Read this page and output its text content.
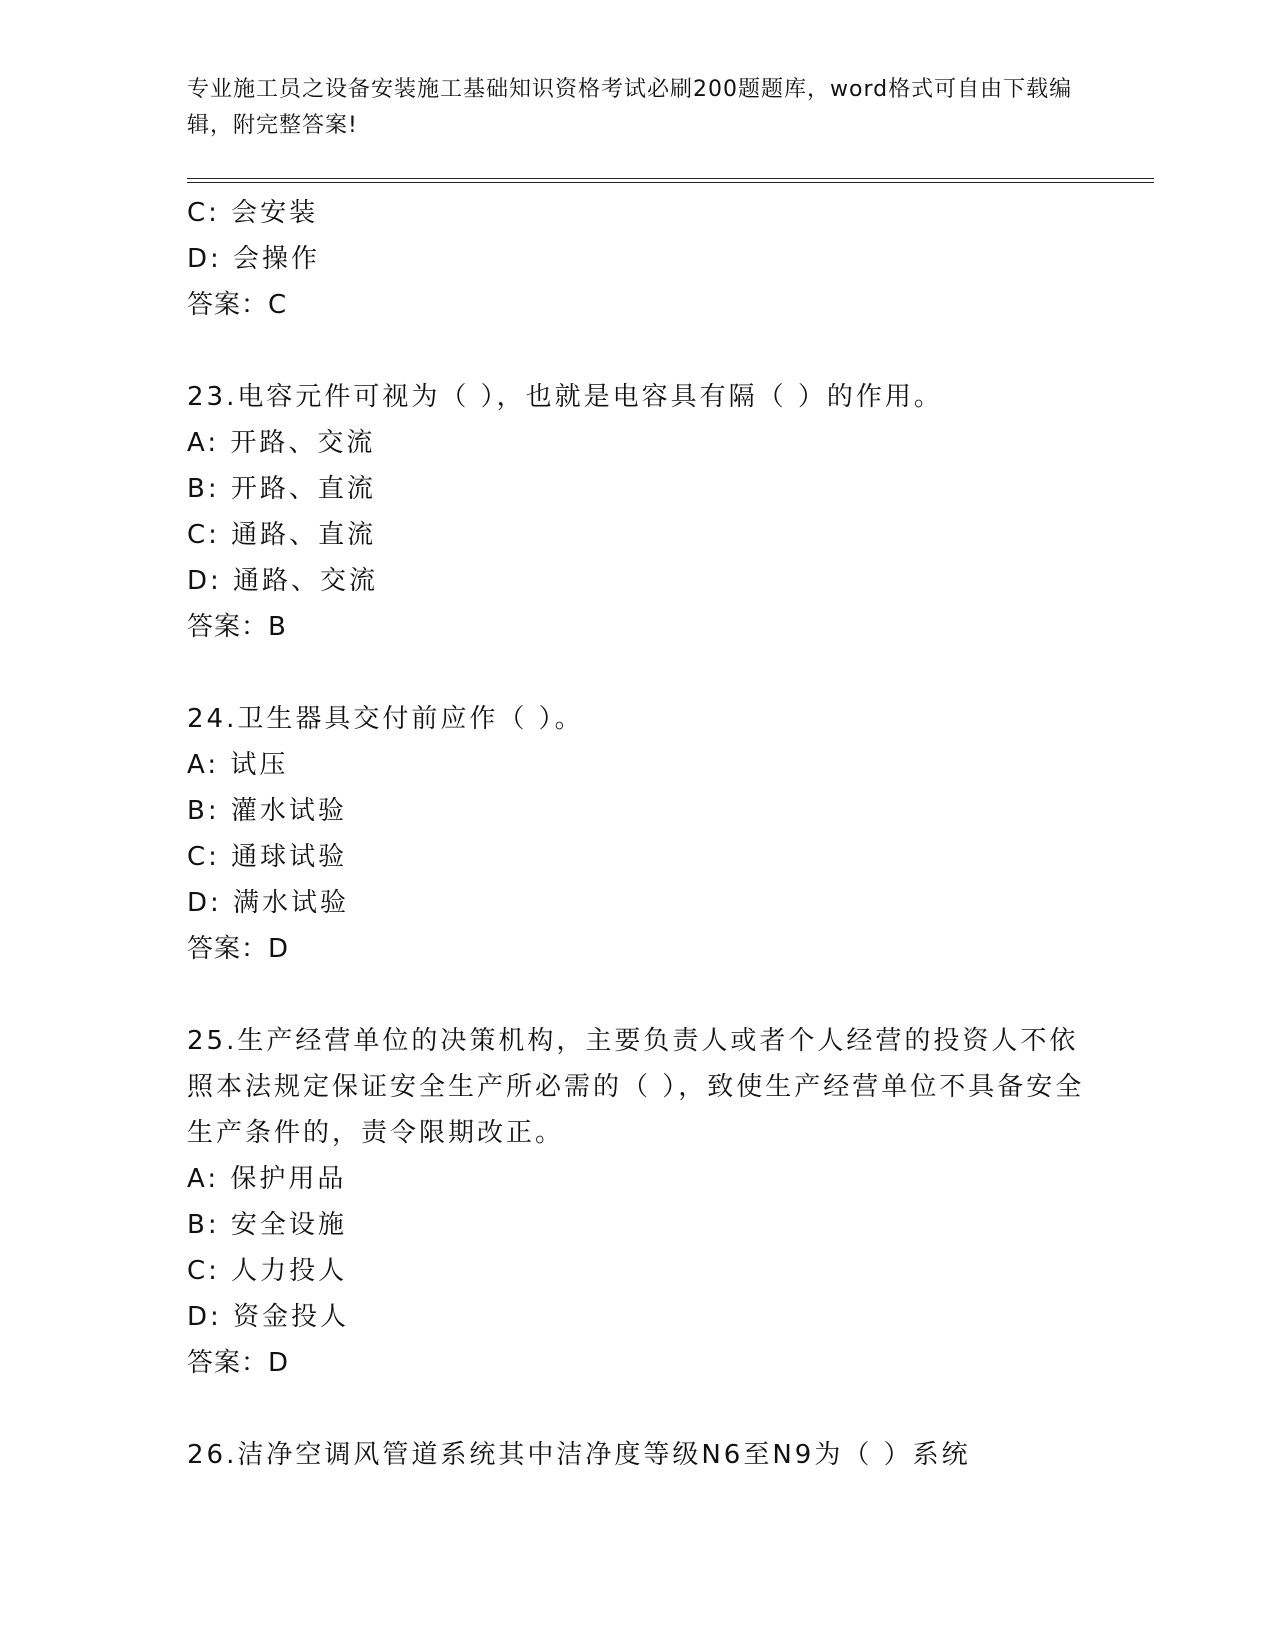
专业施工员之设备安装施工基础知识资格考试必刷200题题库，word格式可自由下载编辑，附完整答案!
C: 会安装
D: 会操作
答案：C
23.电容元件可视为（ ），也就是电容具有隔（ ）的作用。
A: 开路、交流
B: 开路、直流
C: 通路、直流
D: 通路、交流
答案：B
24.卫生器具交付前应作（ ）。
A: 试压
B: 灌水试验
C: 通球试验
D: 满水试验
答案：D
25.生产经营单位的决策机构，主要负责人或者个人经营的投资人不依照本法规定保证安全生产所必需的（ ），致使生产经营单位不具备安全生产条件的，责令限期改正。
A: 保护用品
B: 安全设施
C: 人力投人
D: 资金投人
答案：D
26.洁净空调风管道系统其中洁净度等级N6至N9为（ ）系统
